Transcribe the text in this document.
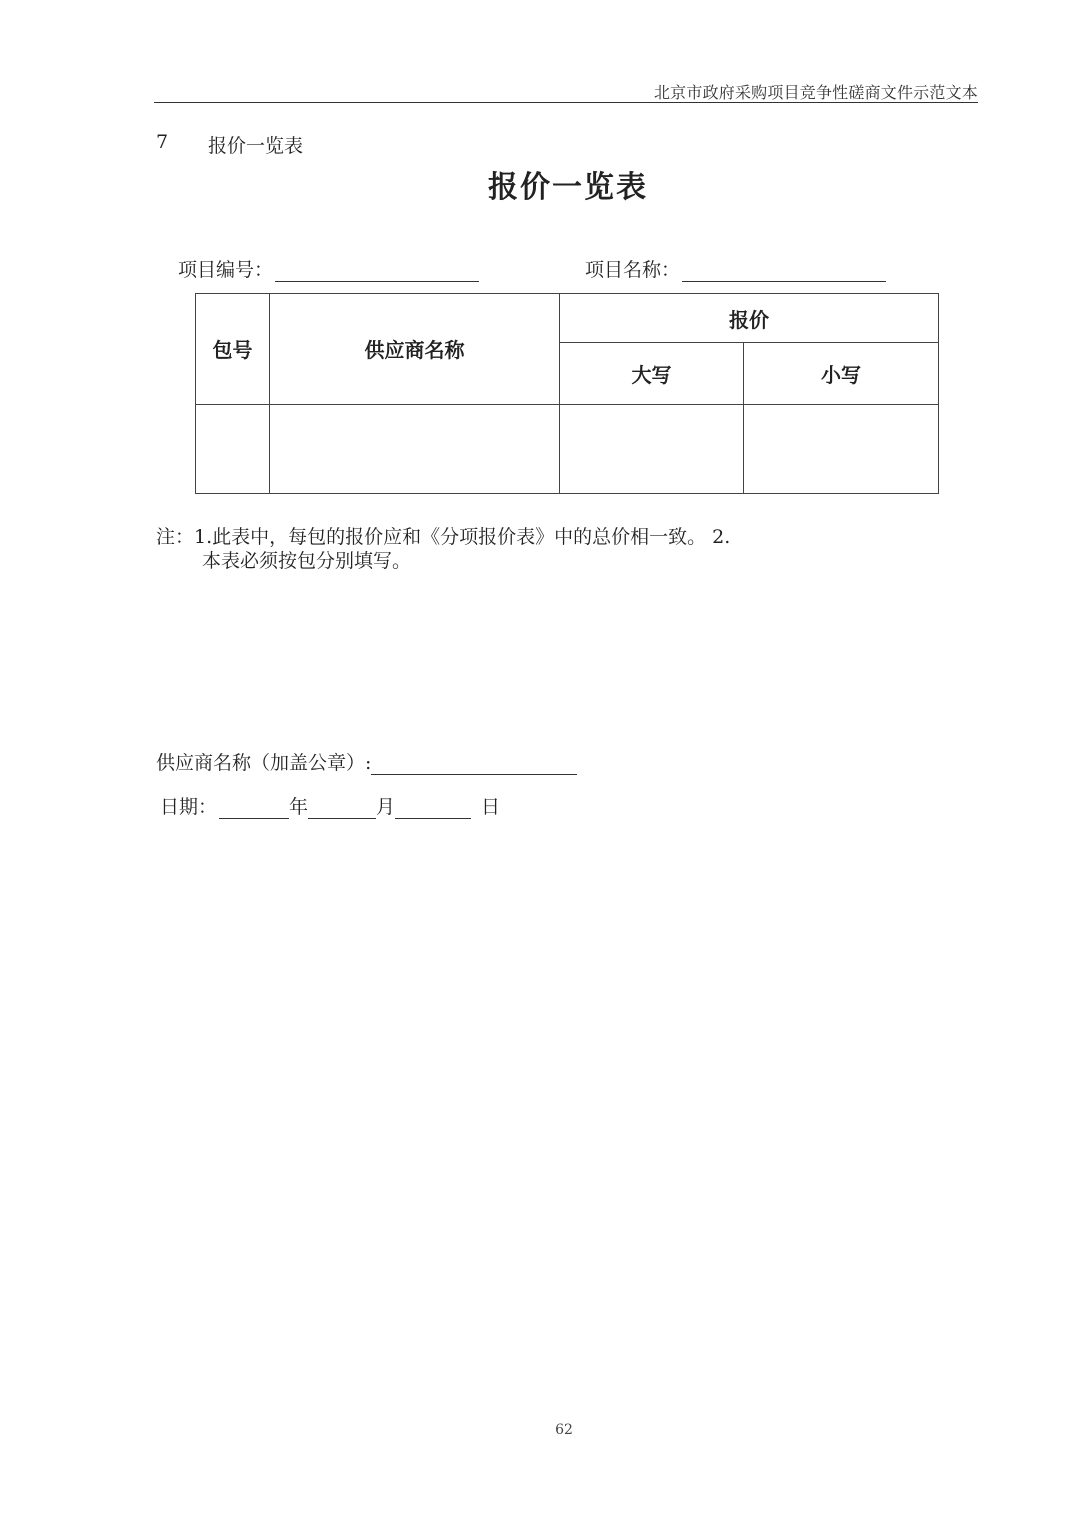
北京市政府采购项目竞争性磋商文件示范文本
7 报价一览表
报价一览表
项目编号：	项目名称：
包号	供应商名称	报价	
		大写	小写

注：1.此表中，每包的报价应和《分项报价表》中的总价相一致。 2.
本表必须按包分别填写。
供应商名称（加盖公章）:
日期：	年	月	日
62
